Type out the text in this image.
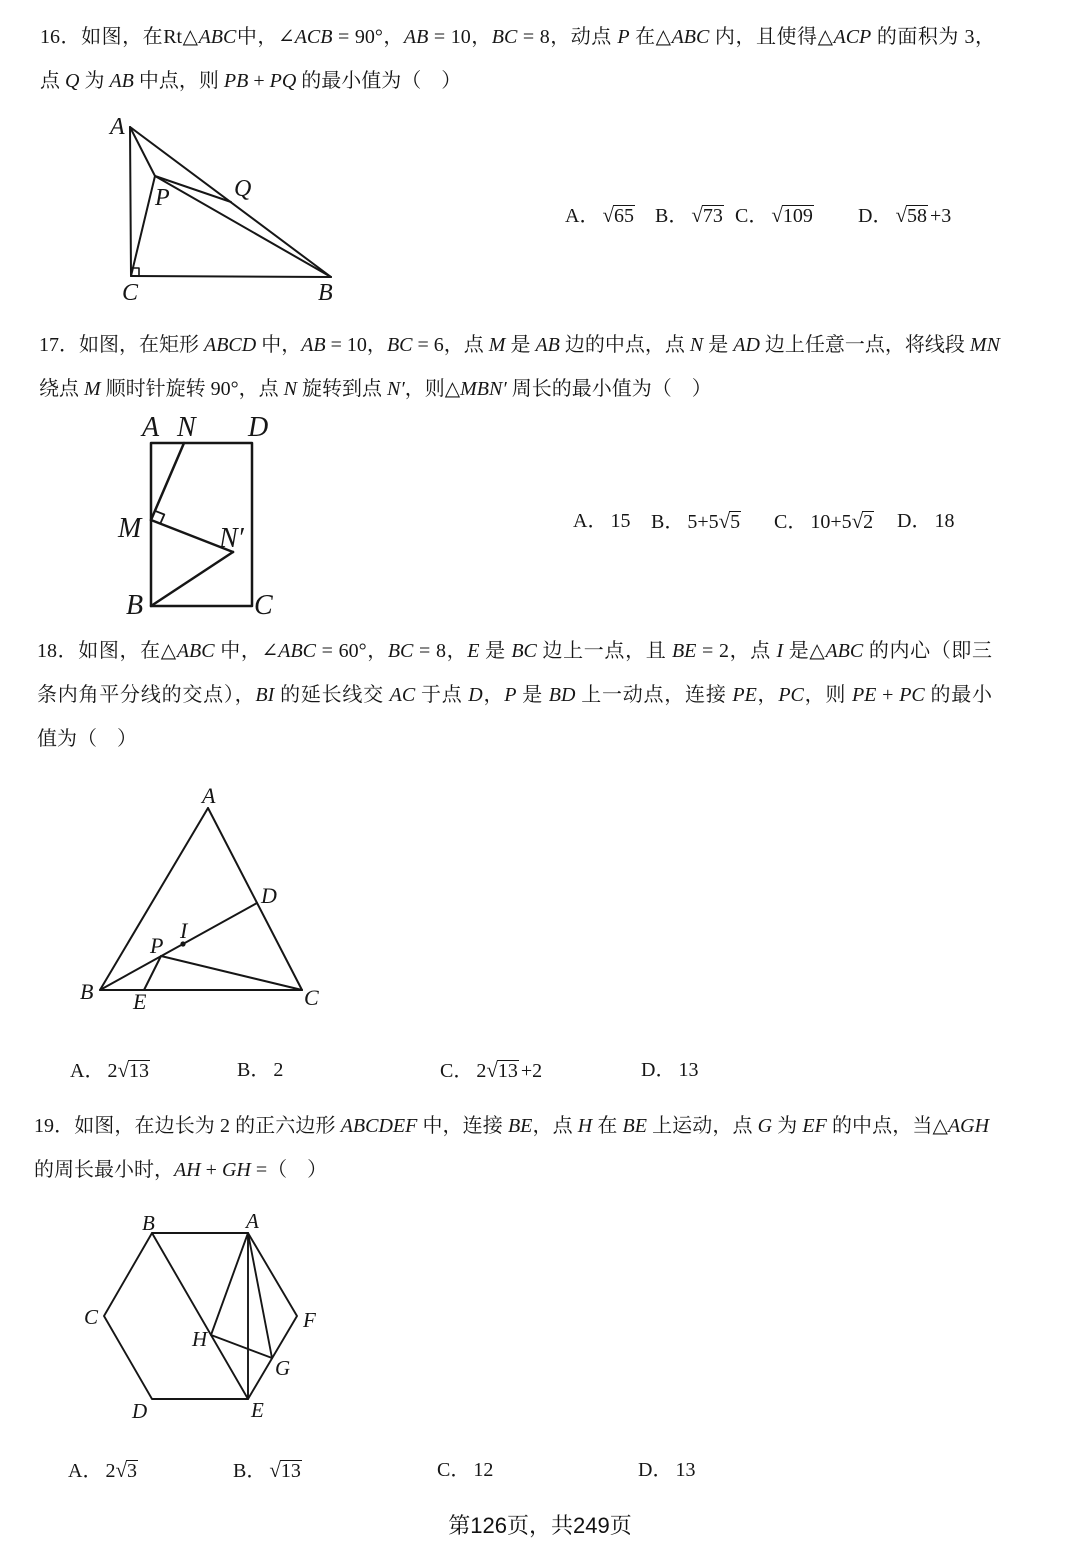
16．如图，在Rt△ABC中，∠ACB = 90°，AB = 10，BC = 8，动点 P 在△ABC 内，且使得△ACP 的面积为 3，
点 Q 为 AB 中点，则 PB + PQ 的最小值为（　）
A
P	Q
C	B
A． √65 B． √73 C． √109 D． √58 +3
17．如图，在矩形 ABCD 中，AB = 10，BC = 6，点 M 是 AB 边的中点，点 N 是 AD 边上任意一点，将线段 MN
绕点 M 顺时针旋转 90°，点 N 旋转到点 N′，则△MBN′ 周长的最小值为（　）
A N D
M	N′
B	C
A． 15 B． 5+5√5 C． 10+5√2 D． 18
18．如图，在△ABC 中，∠ABC = 60°，BC = 8，E 是 BC 边上一点，且 BE = 2，点 I 是△ABC 的内心（即三
条内角平分线的交点），BI 的延长线交 AC 于点 D，P 是 BD 上一动点，连接 PE，PC，则 PE + PC 的最小
值为（　）
A
D
I
P
B E	C
A． 2√13	B． 2	C． 2√13 +2	D． 13
19．如图，在边长为 2 的正六边形 ABCDEF 中，连接 BE，点 H 在 BE 上运动，点 G 为 EF 的中点，当△AGH
的周长最小时，AH + GH =（　）
B	A
C	F
H
G
D	E
A． 2√3	B． √13	C． 12	D． 13
第126页，共249页
